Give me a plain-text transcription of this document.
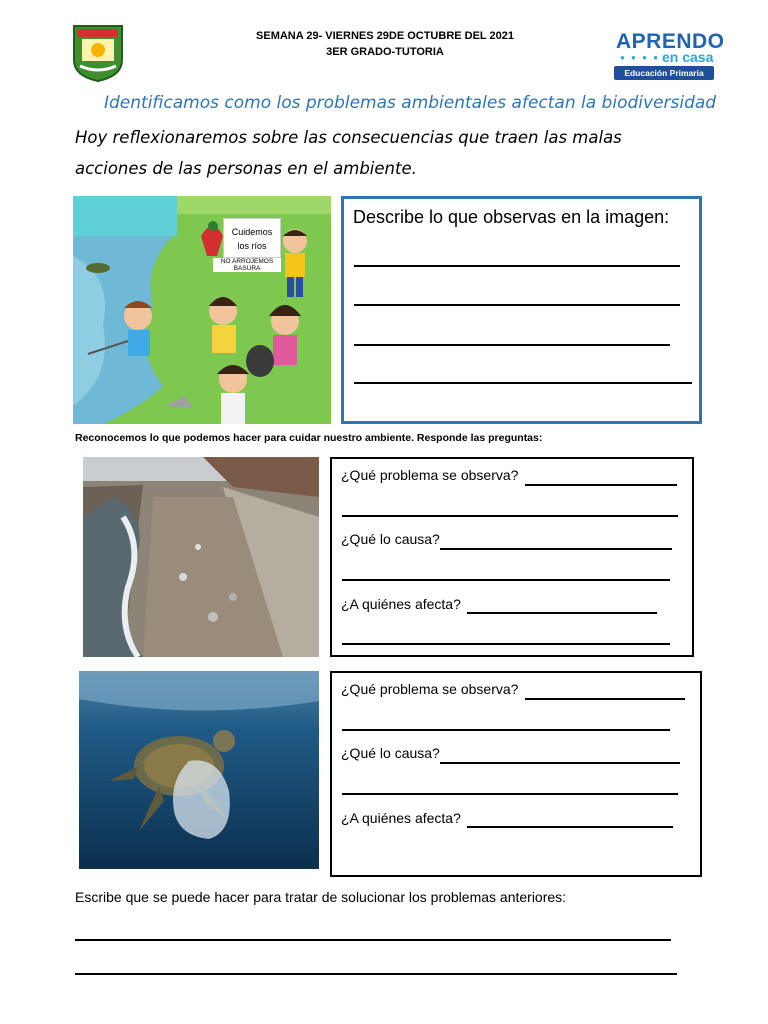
SEMANA 29- VIERNES 29DE OCTUBRE DEL 2021
3ER GRADO-TUTORIA	APRENDO
● ● ● ● en casa
Educación Primaria
Identificamos como los problemas ambientales afectan la biodiversidad
Hoy reflexionaremos sobre las consecuencias que traen las malas acciones de las personas en el ambiente.
Cuidemos
los ríos
NO ARROJEMOS BASURA
Describe lo que observas en la imagen:
Reconocemos lo que podemos hacer para cuidar nuestro ambiente. Responde las preguntas:
¿Qué problema se observa?
¿Qué lo causa?
¿A quiénes afecta?
¿Qué problema se observa?
¿Qué lo causa?
¿A quiénes afecta?
Escribe que se puede hacer para tratar de solucionar los problemas anteriores:
